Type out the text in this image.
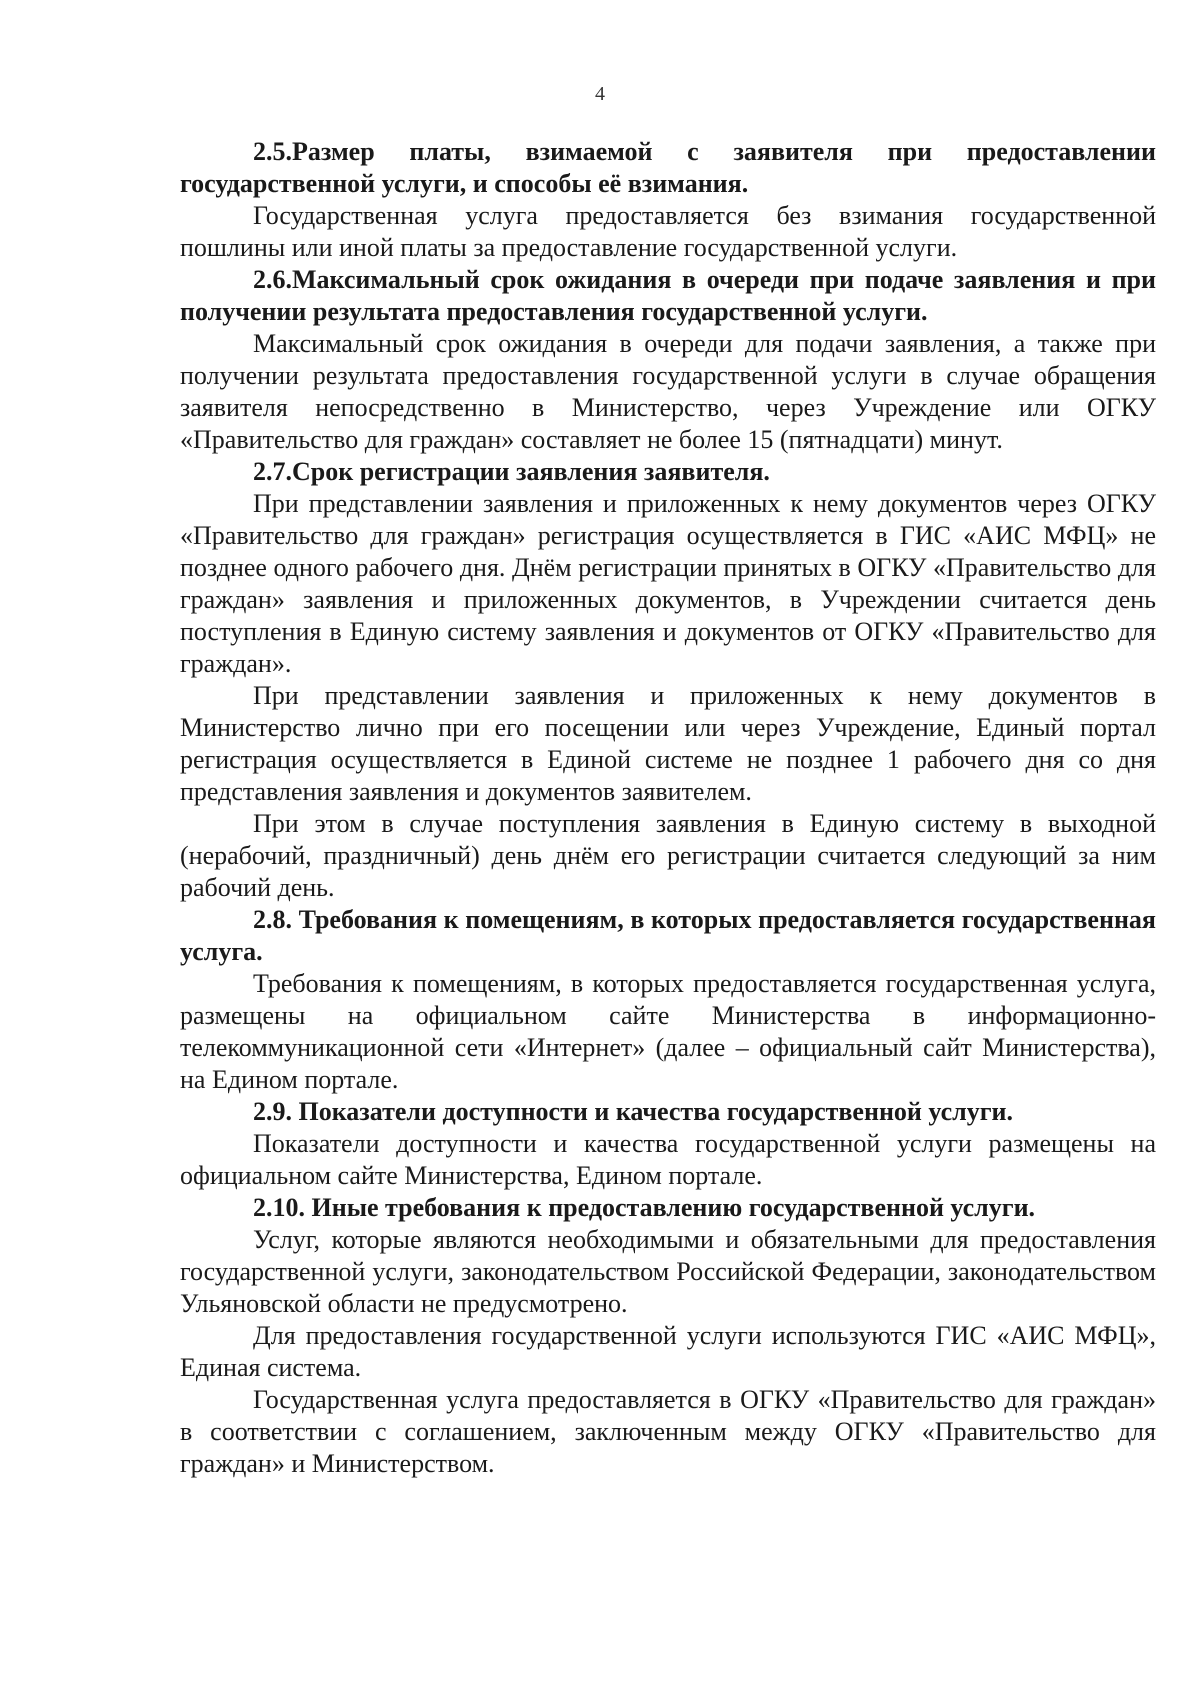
4

2.5.Размер платы, взимаемой с заявителя при предоставлении государственной услуги, и способы её взимания.

Государственная услуга предоставляется без взимания государственной пошлины или иной платы за предоставление государственной услуги.

2.6.Максимальный срок ожидания в очереди при подаче заявления и при получении результата предоставления государственной услуги.

Максимальный срок ожидания в очереди для подачи заявления, а также при получении результата предоставления государственной услуги в случае обращения заявителя непосредственно в Министерство, через Учреждение или ОГКУ «Правительство для граждан» составляет не более 15 (пятнадцати) минут.

2.7.Срок регистрации заявления заявителя.

При представлении заявления и приложенных к нему документов через ОГКУ «Правительство для граждан» регистрация осуществляется в ГИС «АИС МФЦ» не позднее одного рабочего дня. Днём регистрации принятых в ОГКУ «Правительство для граждан» заявления и приложенных документов, в Учреждении считается день поступления в Единую систему заявления и документов от ОГКУ «Правительство для граждан».

При представлении заявления и приложенных к нему документов в Министерство лично при его посещении или через Учреждение, Единый портал регистрация осуществляется в Единой системе не позднее 1 рабочего дня со дня представления заявления и документов заявителем.

При этом в случае поступления заявления в Единую систему в выходной (нерабочий, праздничный) день днём его регистрации считается следующий за ним рабочий день.

2.8. Требования к помещениям, в которых предоставляется государственная услуга.

Требования к помещениям, в которых предоставляется государственная услуга, размещены на официальном сайте Министерства в информационно-телекоммуникационной сети «Интернет» (далее – официальный сайт Министерства), на Едином портале.

2.9. Показатели доступности и качества государственной услуги.

Показатели доступности и качества государственной услуги размещены на официальном сайте Министерства, Едином портале.

2.10. Иные требования к предоставлению государственной услуги.

Услуг, которые являются необходимыми и обязательными для предоставления государственной услуги, законодательством Российской Федерации, законодательством Ульяновской области не предусмотрено.

Для предоставления государственной услуги используются ГИС «АИС МФЦ», Единая система.

Государственная услуга предоставляется в ОГКУ «Правительство для граждан» в соответствии с соглашением, заключенным между ОГКУ «Правительство для граждан» и Министерством.
